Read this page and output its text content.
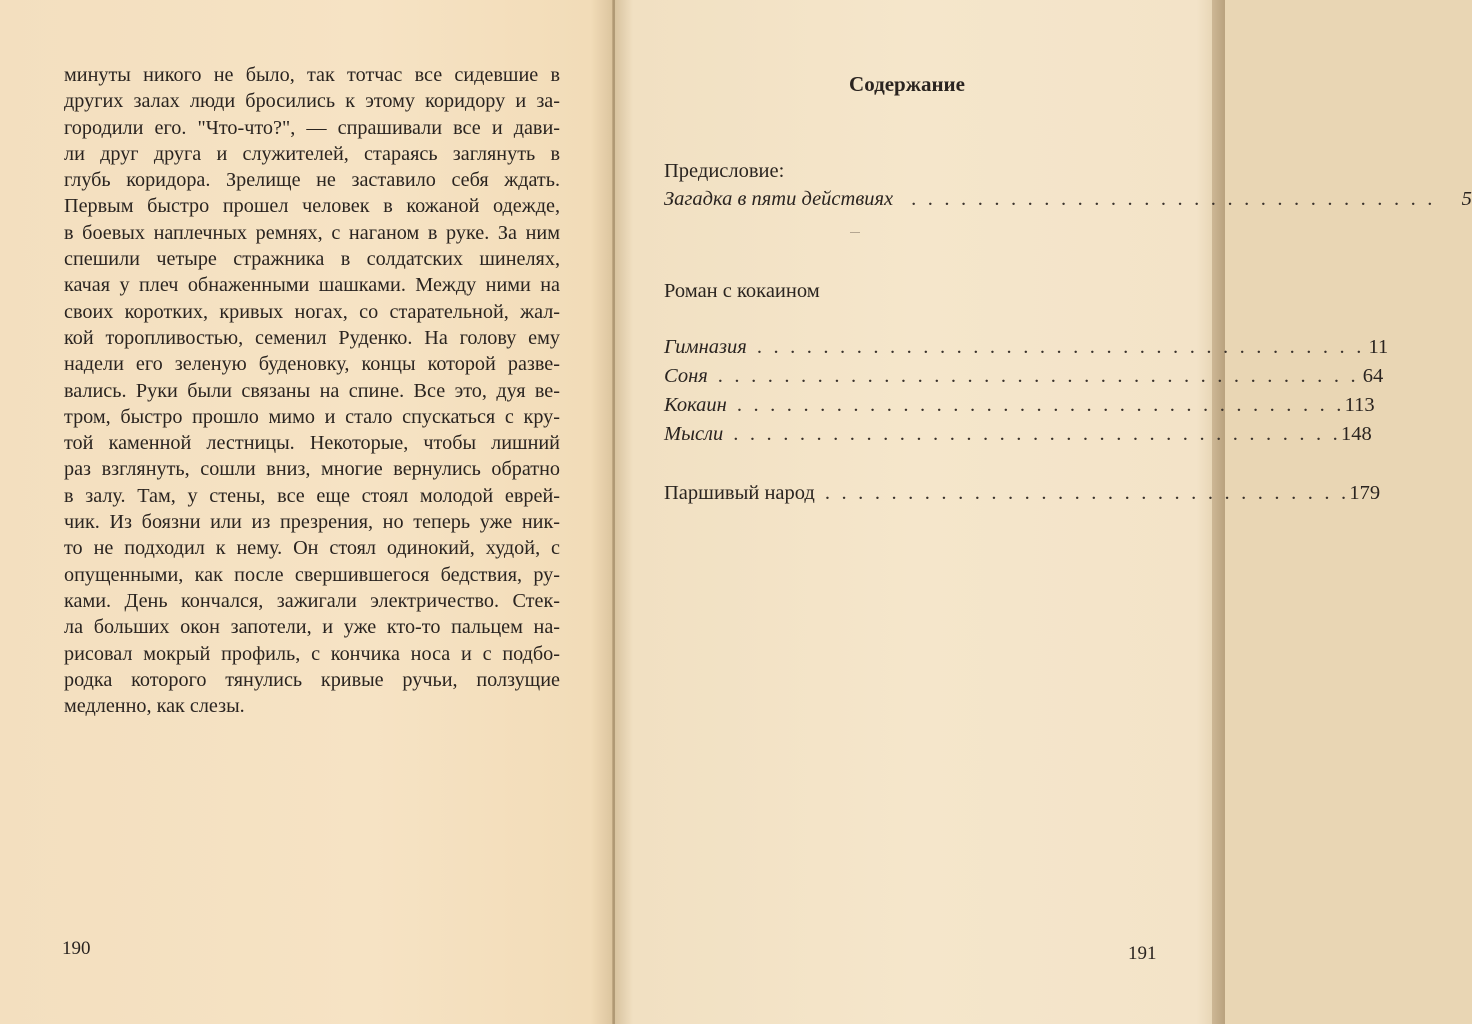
минуты никого не было, так тотчас все сидевшие в
других залах люди бросились к этому коридору и за-
городили его. "Что-что?", — спрашивали все и дави-
ли друг друга и служителей, стараясь заглянуть в
глубь коридора. Зрелище не заставило себя ждать.
Первым быстро прошел человек в кожаной одежде,
в боевых наплечных ремнях, с наганом в руке. За ним
спешили четыре стражника в солдатских шинелях,
качая у плеч обнаженными шашками. Между ними на
своих коротких, кривых ногах, со старательной, жал-
кой торопливостью, семенил Руденко. На голову ему
надели его зеленую буденовку, концы которой разве-
вались. Руки были связаны на спине. Все это, дуя ве-
тром, быстро прошло мимо и стало спускаться с кру-
той каменной лестницы. Некоторые, чтобы лишний
раз взглянуть, сошли вниз, многие вернулись обратно
в залу. Там, у стены, все еще стоял молодой еврей-
чик. Из боязни или из презрения, но теперь уже ник-
то не подходил к нему. Он стоял одинокий, худой, с
опущенными, как после свершившегося бедствия, ру-
ками. День кончался, зажигали электричество. Стек-
ла больших окон запотели, и уже кто-то пальцем на-
рисовал мокрый профиль, с кончика носа и с подбо-
родка которого тянулись кривые ручьи, ползущие
медленно, как слезы.
190
Содержание
Предисловие:
Загадка в пяти действиях . . . . . . . . . . . . . . . . . . . . . . . . . . . . . . . . 5
Роман с кокаином
Гимназия . . . . . . . . . . . . . . . . . . . . . . . . . . . . . . . . . . . . . 11
Соня . . . . . . . . . . . . . . . . . . . . . . . . . . . . . . . . . . . . . . . 64
Кокаин . . . . . . . . . . . . . . . . . . . . . . . . . . . . . . . . . . . . . 113
Мысли . . . . . . . . . . . . . . . . . . . . . . . . . . . . . . . . . . . . . 148
Паршивый народ . . . . . . . . . . . . . . . . . . . . . . . . . . . . . . . . 179
191
